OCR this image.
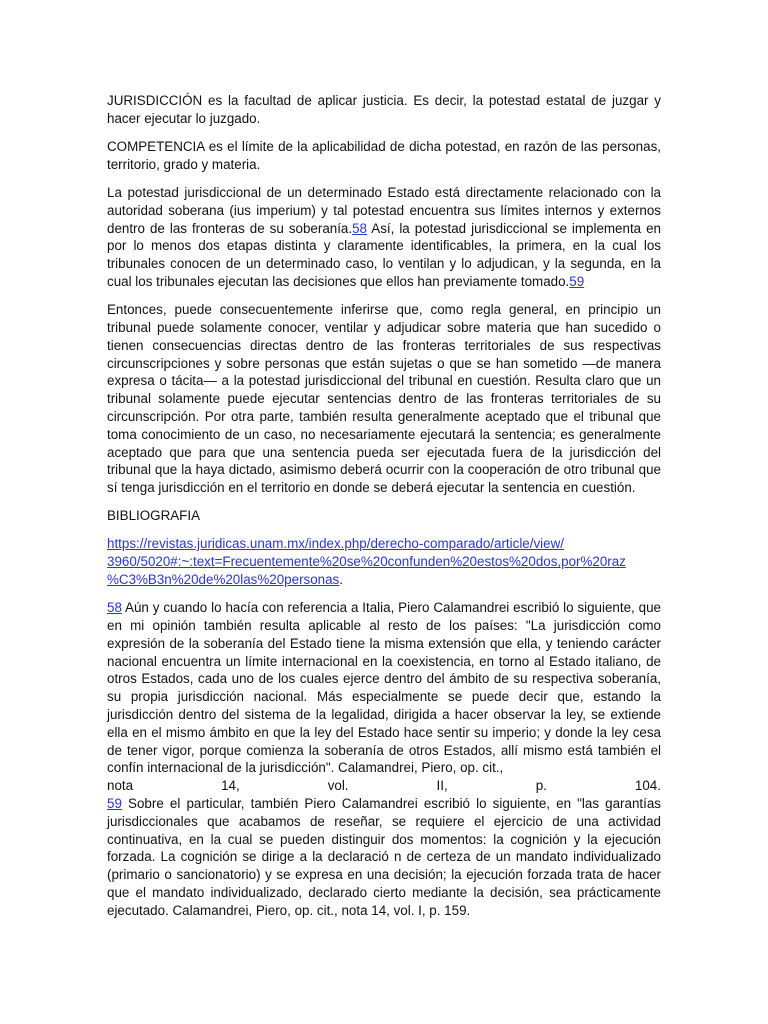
JURISDICCIÓN es la facultad de aplicar justicia. Es decir, la potestad estatal de juzgar y hacer ejecutar lo juzgado.

COMPETENCIA es el límite de la aplicabilidad de dicha potestad, en razón de las personas, territorio, grado y materia.

La potestad jurisdiccional de un determinado Estado está directamente relacionado con la autoridad soberana (ius imperium) y tal potestad encuentra sus límites internos y externos dentro de las fronteras de su soberanía.58 Así, la potestad jurisdiccional se implementa en por lo menos dos etapas distinta y claramente identificables, la primera, en la cual los tribunales conocen de un determinado caso, lo ventilan y lo adjudican, y la segunda, en la cual los tribunales ejecutan las decisiones que ellos han previamente tomado.59

Entonces, puede consecuentemente inferirse que, como regla general, en principio un tribunal puede solamente conocer, ventilar y adjudicar sobre materia que han sucedido o tienen consecuencias directas dentro de las fronteras territoriales de sus respectivas circunscripciones y sobre personas que están sujetas o que se han sometido —de manera expresa o tácita— a la potestad jurisdiccional del tribunal en cuestión. Resulta claro que un tribunal solamente puede ejecutar sentencias dentro de las fronteras territoriales de su circunscripción. Por otra parte, también resulta generalmente aceptado que el tribunal que toma conocimiento de un caso, no necesariamente ejecutará la sentencia; es generalmente aceptado que para que una sentencia pueda ser ejecutada fuera de la jurisdicción del tribunal que la haya dictado, asimismo deberá ocurrir con la cooperación de otro tribunal que sí tenga jurisdicción en el territorio en donde se deberá ejecutar la sentencia en cuestión.

BIBLIOGRAFIA

https://revistas.juridicas.unam.mx/index.php/derecho-comparado/article/view/
3960/5020#:~:text=Frecuentemente%20se%20confunden%20estos%20dos,por%20raz
%C3%B3n%20de%20las%20personas.

58 Aún y cuando lo hacía con referencia a Italia, Piero Calamandrei escribió lo siguiente, que en mi opinión también resulta aplicable al resto de los países: "La jurisdicción como expresión de la soberanía del Estado tiene la misma extensión que ella, y teniendo carácter nacional encuentra un límite internacional en la coexistencia, en torno al Estado italiano, de otros Estados, cada uno de los cuales ejerce dentro del ámbito de su respectiva soberanía, su propia jurisdicción nacional. Más especialmente se puede decir que, estando la jurisdicción dentro del sistema de la legalidad, dirigida a hacer observar la ley, se extiende ella en el mismo ámbito en que la ley del Estado hace sentir su imperio; y donde la ley cesa de tener vigor, porque comienza la soberanía de otros Estados, allí mismo está también el confín internacional de la jurisdicción". Calamandrei, Piero, op. cit.,

nota	14,	vol.	II,	p.	104.

59 Sobre el particular, también Piero Calamandrei escribió lo siguiente, en "las garantías jurisdiccionales que acabamos de reseñar, se requiere el ejercicio de una actividad continuativa, en la cual se pueden distinguir dos momentos: la cognición y la ejecución forzada. La cognición se dirige a la declaració n de certeza de un mandato individualizado (primario o sancionatorio) y se expresa en una decisión; la ejecución forzada trata de hacer que el mandato individualizado, declarado cierto mediante la decisión, sea prácticamente ejecutado. Calamandrei, Piero, op. cit., nota 14, vol. I, p. 159.
